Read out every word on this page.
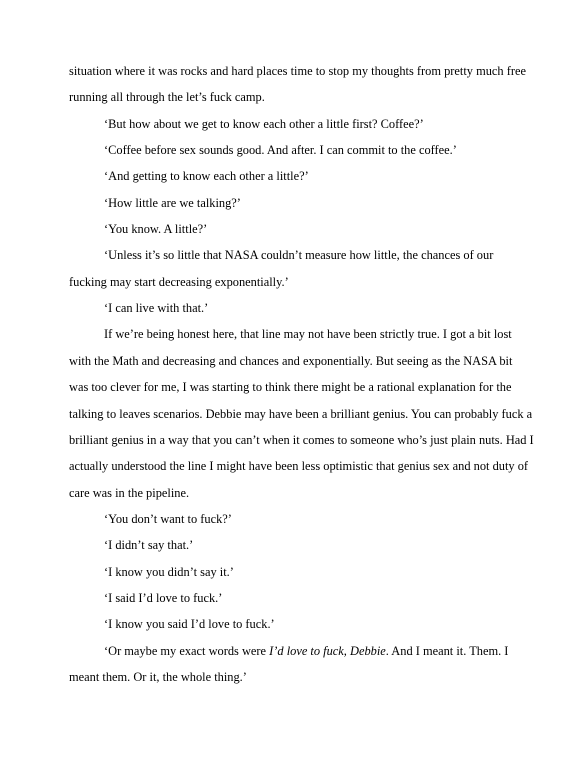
situation where it was rocks and hard places time to stop my thoughts from pretty much free
running all through the let’s fuck camp.
‘But how about we get to know each other a little first? Coffee?’
‘Coffee before sex sounds good. And after. I can commit to the coffee.’
‘And getting to know each other a little?’
‘How little are we talking?’
‘You know. A little?’
‘Unless it’s so little that NASA couldn’t measure how little, the chances of our
fucking may start decreasing exponentially.’
‘I can live with that.’
If we’re being honest here, that line may not have been strictly true. I got a bit lost
with the Math and decreasing and chances and exponentially. But seeing as the NASA bit
was too clever for me, I was starting to think there might be a rational explanation for the
talking to leaves scenarios. Debbie may have been a brilliant genius. You can probably fuck a
brilliant genius in a way that you can’t when it comes to someone who’s just plain nuts. Had I
actually understood the line I might have been less optimistic that genius sex and not duty of
care was in the pipeline.
‘You don’t want to fuck?’
‘I didn’t say that.’
‘I know you didn’t say it.’
‘I said I’d love to fuck.’
‘I know you said I’d love to fuck.’
‘Or maybe my exact words were I’d love to fuck, Debbie. And I meant it. Them. I
meant them. Or it, the whole thing.’
